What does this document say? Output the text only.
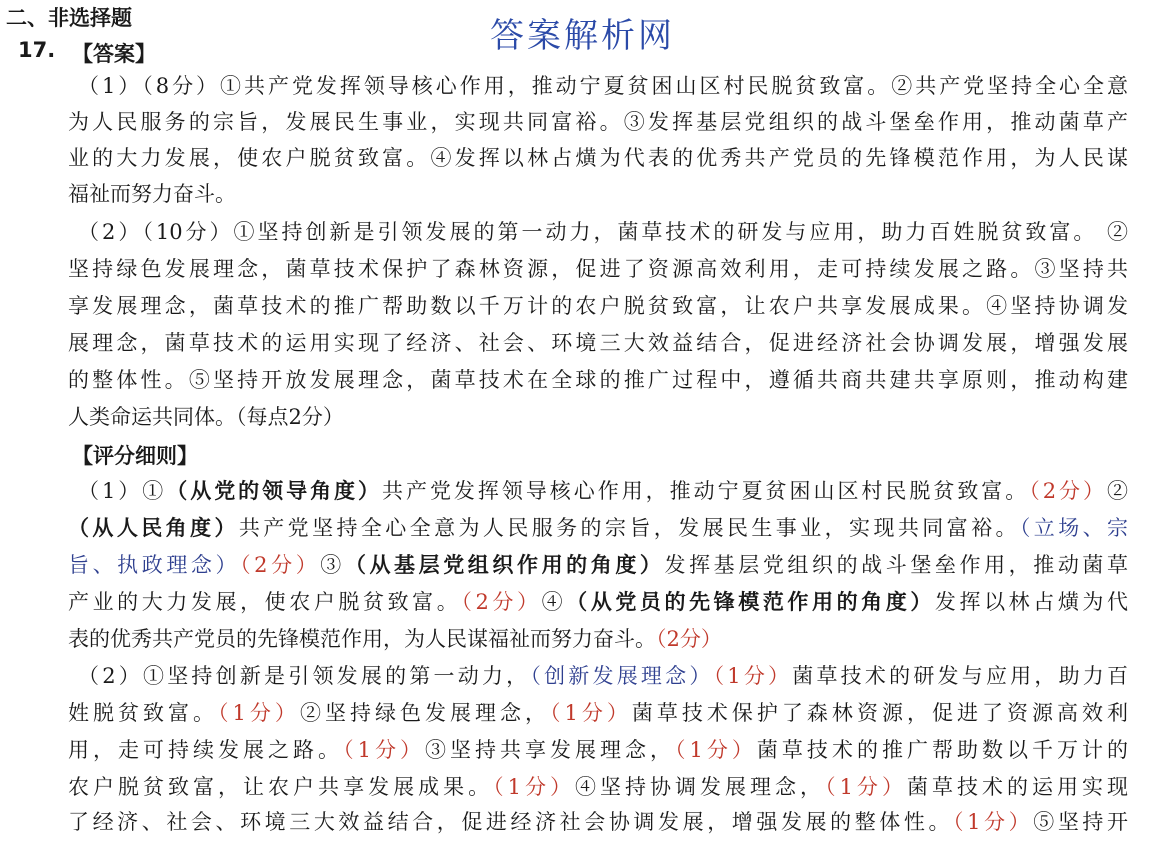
二、非选择题	答案解析网
17. 【答案】
（1）（8分）①共产党发挥领导核心作用，推动宁夏贫困山区村民脱贫致富。②共产党坚持全心全意
为人民服务的宗旨，发展民生事业，实现共同富裕。③发挥基层党组织的战斗堡垒作用，推动菌草产
业的大力发展，使农户脱贫致富。④发挥以林占熿为代表的优秀共产党员的先锋模范作用，为人民谋
福祉而努力奋斗。
（2）（10分）①坚持创新是引领发展的第一动力，菌草技术的研发与应用，助力百姓脱贫致富。 ②
坚持绿色发展理念，菌草技术保护了森林资源，促进了资源高效利用，走可持续发展之路。③坚持共
享发展理念，菌草技术的推广帮助数以千万计的农户脱贫致富，让农户共享发展成果。④坚持协调发
展理念，菌草技术的运用实现了经济、社会、环境三大效益结合，促进经济社会协调发展，增强发展
的整体性。⑤坚持开放发展理念，菌草技术在全球的推广过程中，遵循共商共建共享原则，推动构建
人类命运共同体。（每点2分）
【评分细则】
（1）①（从党的领导角度）共产党发挥领导核心作用，推动宁夏贫困山区村民脱贫致富。（2分）②
（从人民角度）共产党坚持全心全意为人民服务的宗旨，发展民生事业，实现共同富裕。（立场、宗
旨、执政理念）（2分）③（从基层党组织作用的角度）发挥基层党组织的战斗堡垒作用，推动菌草
产业的大力发展，使农户脱贫致富。（2分）④（从党员的先锋模范作用的角度）发挥以林占熿为代
表的优秀共产党员的先锋模范作用，为人民谋福祉而努力奋斗。（2分）
（2）①坚持创新是引领发展的第一动力，（创新发展理念）（1分）菌草技术的研发与应用，助力百
姓脱贫致富。（1分）②坚持绿色发展理念，（1分）菌草技术保护了森林资源，促进了资源高效利
用，走可持续发展之路。（1分）③坚持共享发展理念，（1分）菌草技术的推广帮助数以千万计的
农户脱贫致富，让农户共享发展成果。（1分）④坚持协调发展理念，（1分）菌草技术的运用实现
了经济、社会、环境三大效益结合，促进经济社会协调发展，增强发展的整体性。（1分）⑤坚持开
